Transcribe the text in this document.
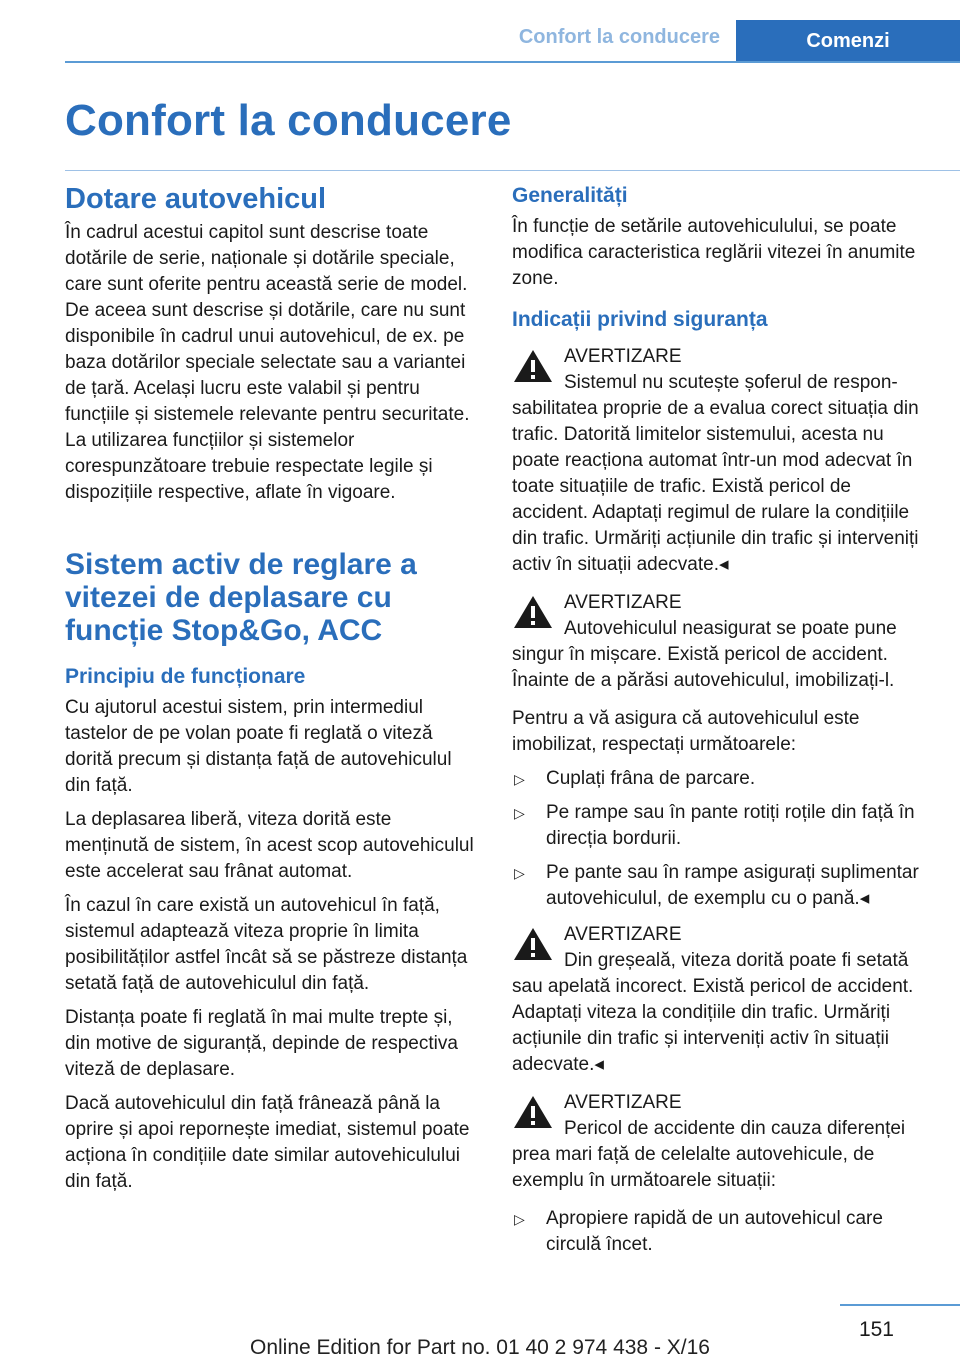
Confort la conducere	Comenzi
Confort la conducere
Dotare autovehicul

În cadrul acestui capitol sunt descrise toate dotările de serie, naționale și dotările speciale, care sunt oferite pentru această serie de model. De aceea sunt descrise și dotările, care nu sunt disponibile în cadrul unui autovehicul, de ex. pe baza dotărilor speciale selectate sau a variantei de țară. Același lucru este valabil și pentru funcțiile și sistemele relevante pentru securitate. La utilizarea funcțiilor și sistemelor corespunzătoare trebuie respectate legile și dispozițiile respective, aflate în vigoare.

Sistem activ de reglare a vitezei de deplasare cu funcție Stop&Go, ACC
Principiu de funcționare

Cu ajutorul acestui sistem, prin intermediul tastelor de pe volan poate fi reglată o viteză dorită precum și distanța față de autovehiculul din față.

La deplasarea liberă, viteza dorită este menținută de sistem, în acest scop autovehiculul este accelerat sau frânat automat.

În cazul în care există un autovehicul în față, sistemul adaptează viteza proprie în limita posibilităților astfel încât să se păstreze distanța setată față de autovehiculul din față.

Distanța poate fi reglată în mai multe trepte și, din motive de siguranță, depinde de respectiva viteză de deplasare.

Dacă autovehiculul din față frânează până la oprire și apoi repornește imediat, sistemul poate acționa în condițiile date similar autovehiculului din față.

Generalități

În funcție de setările autovehiculului, se poate modifica caracteristica reglării vitezei în anumite zone.

Indicații privind siguranța
AVERTIZARE
Sistemul nu scutește șoferul de respon-
sabilitatea proprie de a evalua corect situația din trafic. Datorită limitelor sistemului, acesta nu poate reacționa automat într-un mod adecvat în toate situațiile de trafic. Există pericol de accident. Adaptați regimul de rulare la condițiile din trafic. Urmăriți acțiunile din trafic și interveniți activ în situații adecvate.◂
AVERTIZARE
Autovehiculul neasigurat se poate pune
singur în mișcare. Există pericol de accident. Înainte de a părăsi autovehiculul, imobilizați-l.

Pentru a vă asigura că autovehiculul este imobilizat, respectați următoarele:

▷ Cuplați frâna de parcare.
▷ Pe rampe sau în pante rotiți roțile din față în direcția bordurii.
▷ Pe pante sau în rampe asigurați suplimentar autovehiculul, de exemplu cu o pană.◂
AVERTIZARE
Din greșeală, viteza dorită poate fi setată
sau apelată incorect. Există pericol de accident. Adaptați viteza la condițiile din trafic. Urmăriți acțiunile din trafic și interveniți activ în situații adecvate.◂
AVERTIZARE
Pericol de accidente din cauza diferenței
prea mari față de celelalte autovehicule, de exemplu în următoarele situații:
▷ Apropiere rapidă de un autovehicul care circulă încet.
151
Online Edition for Part no. 01 40 2 974 438 - X/16
